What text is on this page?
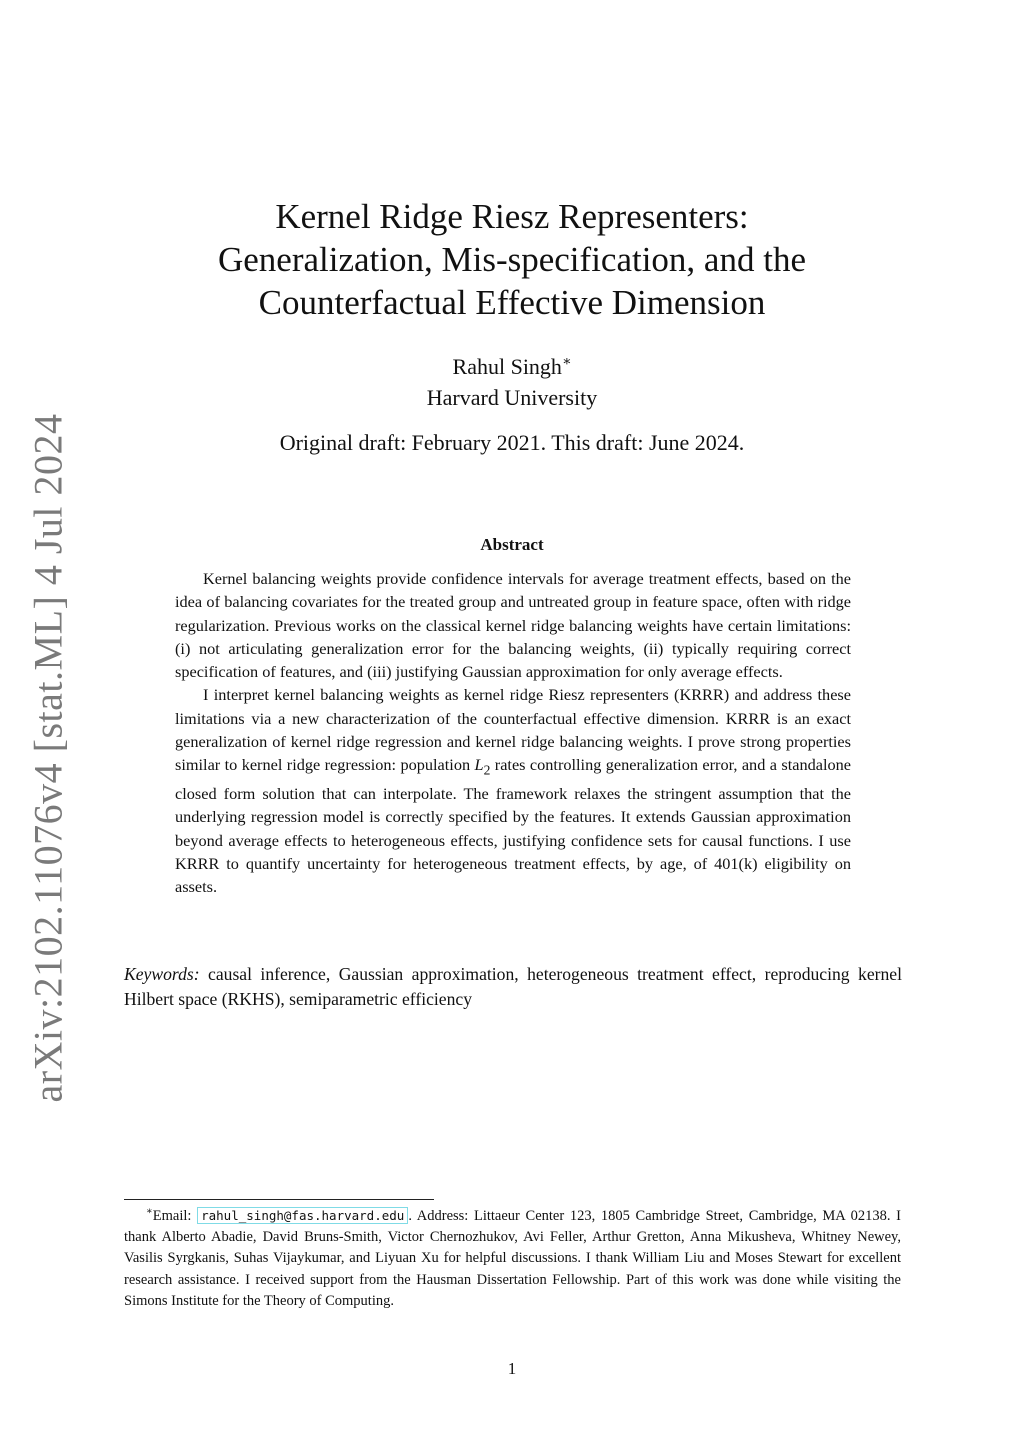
arXiv:2102.11076v4 [stat.ML] 4 Jul 2024
Kernel Ridge Riesz Representers:
Generalization, Mis-specification, and the
Counterfactual Effective Dimension
Rahul Singh∗
Harvard University
Original draft: February 2021. This draft: June 2024.
Abstract

Kernel balancing weights provide confidence intervals for average treatment effects, based on the idea of balancing covariates for the treated group and untreated group in feature space, often with ridge regularization. Previous works on the classical kernel ridge balancing weights have certain limitations: (i) not articulating generalization error for the balancing weights, (ii) typically requiring correct specification of features, and (iii) justifying Gaussian approximation for only average effects.

I interpret kernel balancing weights as kernel ridge Riesz representers (KRRR) and address these limitations via a new characterization of the counterfactual effective dimension. KRRR is an exact generalization of kernel ridge regression and kernel ridge balancing weights. I prove strong properties similar to kernel ridge regression: population $L_2$ rates controlling generalization error, and a standalone closed form solution that can interpolate. The framework relaxes the stringent assumption that the underlying regression model is correctly specified by the features. It extends Gaussian approximation beyond average effects to heterogeneous effects, justifying confidence sets for causal functions. I use KRRR to quantify uncertainty for heterogeneous treatment effects, by age, of 401(k) eligibility on assets.

Keywords: causal inference, Gaussian approximation, heterogeneous treatment effect, reproducing kernel Hilbert space (RKHS), semiparametric efficiency

∗Email: rahul_singh@fas.harvard.edu . Address: Littaeur Center 123, 1805 Cambridge Street, Cambridge, MA 02138. I thank Alberto Abadie, David Bruns-Smith, Victor Chernozhukov, Avi Feller, Arthur Gretton, Anna Mikusheva, Whitney Newey, Vasilis Syrgkanis, Suhas Vijaykumar, and Liyuan Xu for helpful discussions. I thank William Liu and Moses Stewart for excellent research assistance. I received support from the Hausman Dissertation Fellowship. Part of this work was done while visiting the Simons Institute for the Theory of Computing.

1
